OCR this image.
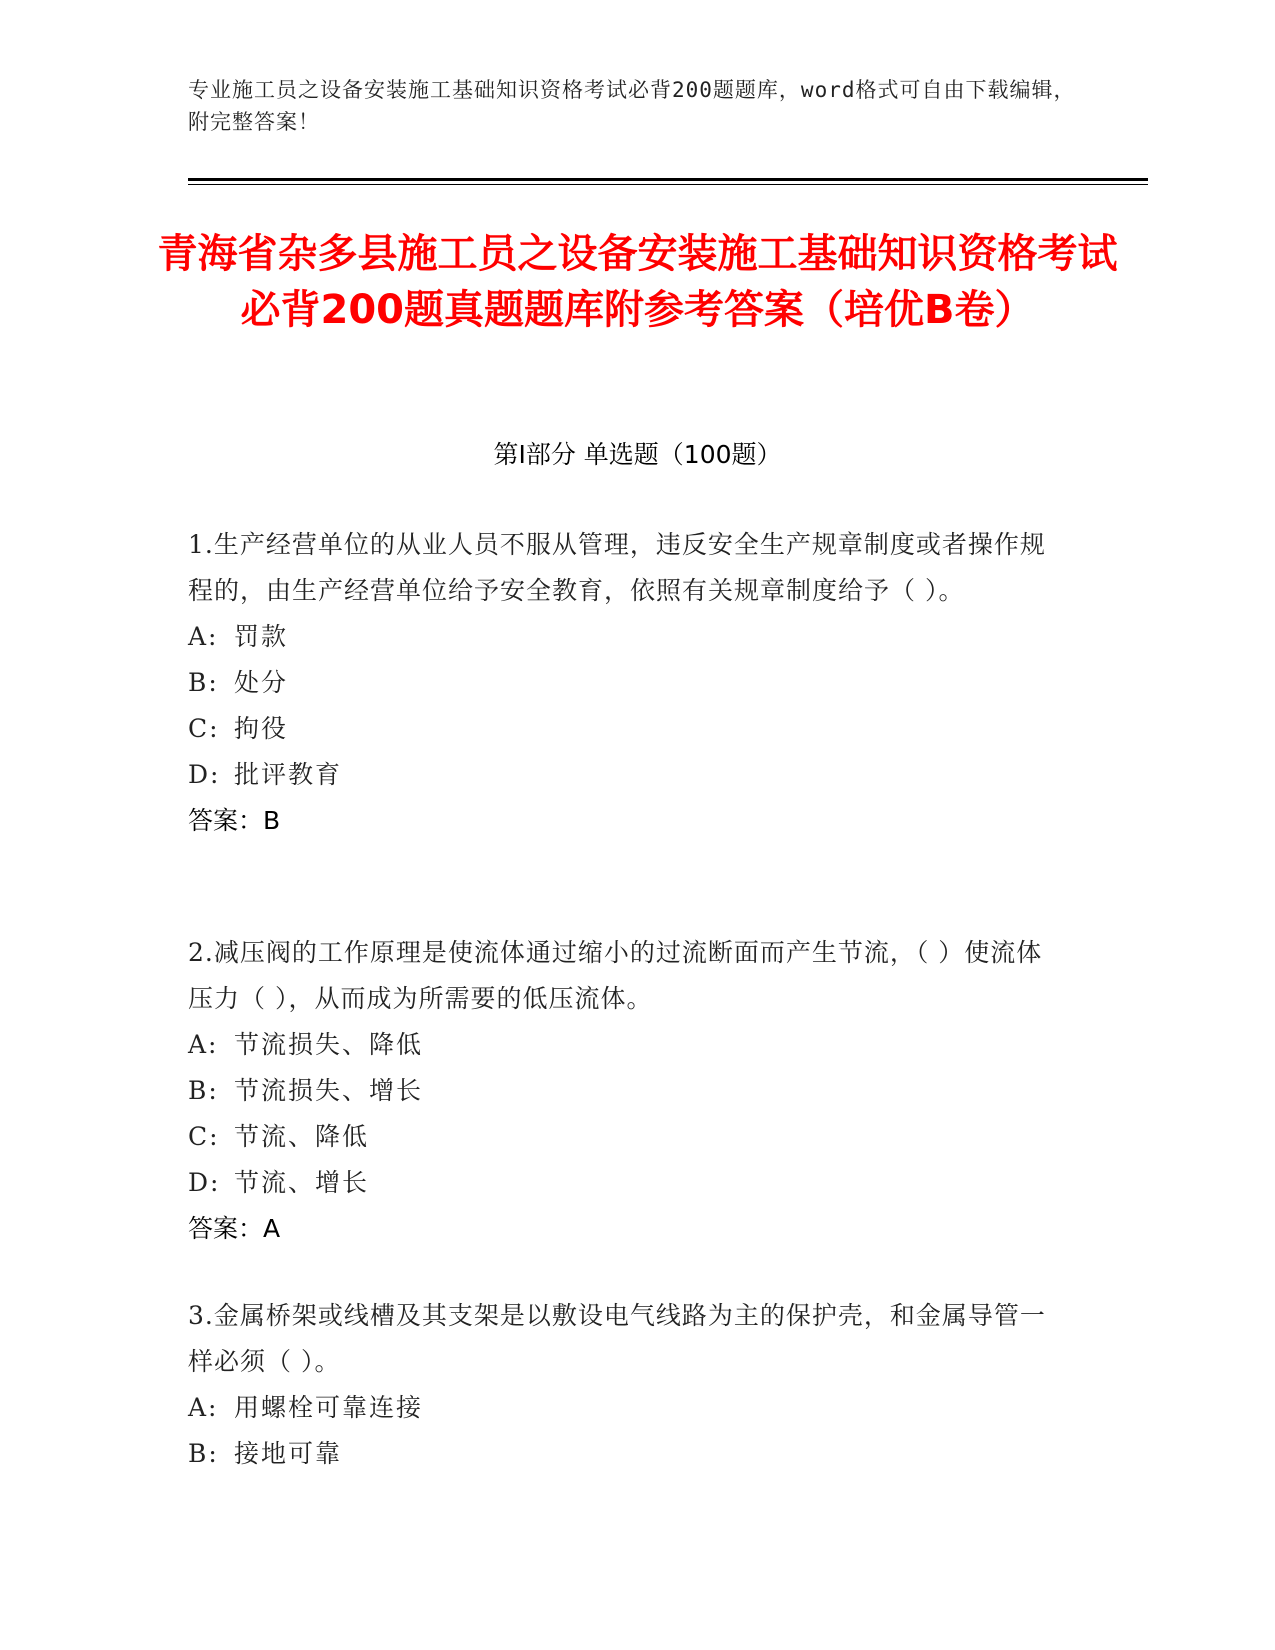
专业施工员之设备安装施工基础知识资格考试必背200题题库，word格式可自由下载编辑，附完整答案！
青海省杂多县施工员之设备安装施工基础知识资格考试必背200题真题题库附参考答案（培优B卷）
第I部分 单选题（100题）
1.生产经营单位的从业人员不服从管理，违反安全生产规章制度或者操作规程的，由生产经营单位给予安全教育，依照有关规章制度给予（ ）。
A: 罚款
B: 处分
C: 拘役
D: 批评教育
答案：B
2.减压阀的工作原理是使流体通过缩小的过流断面而产生节流，（ ）使流体压力（ ），从而成为所需要的低压流体。
A: 节流损失、降低
B: 节流损失、增长
C: 节流、降低
D: 节流、增长
答案：A
3.金属桥架或线槽及其支架是以敷设电气线路为主的保护壳，和金属导管一样必须（ ）。
A: 用螺栓可靠连接
B: 接地可靠
